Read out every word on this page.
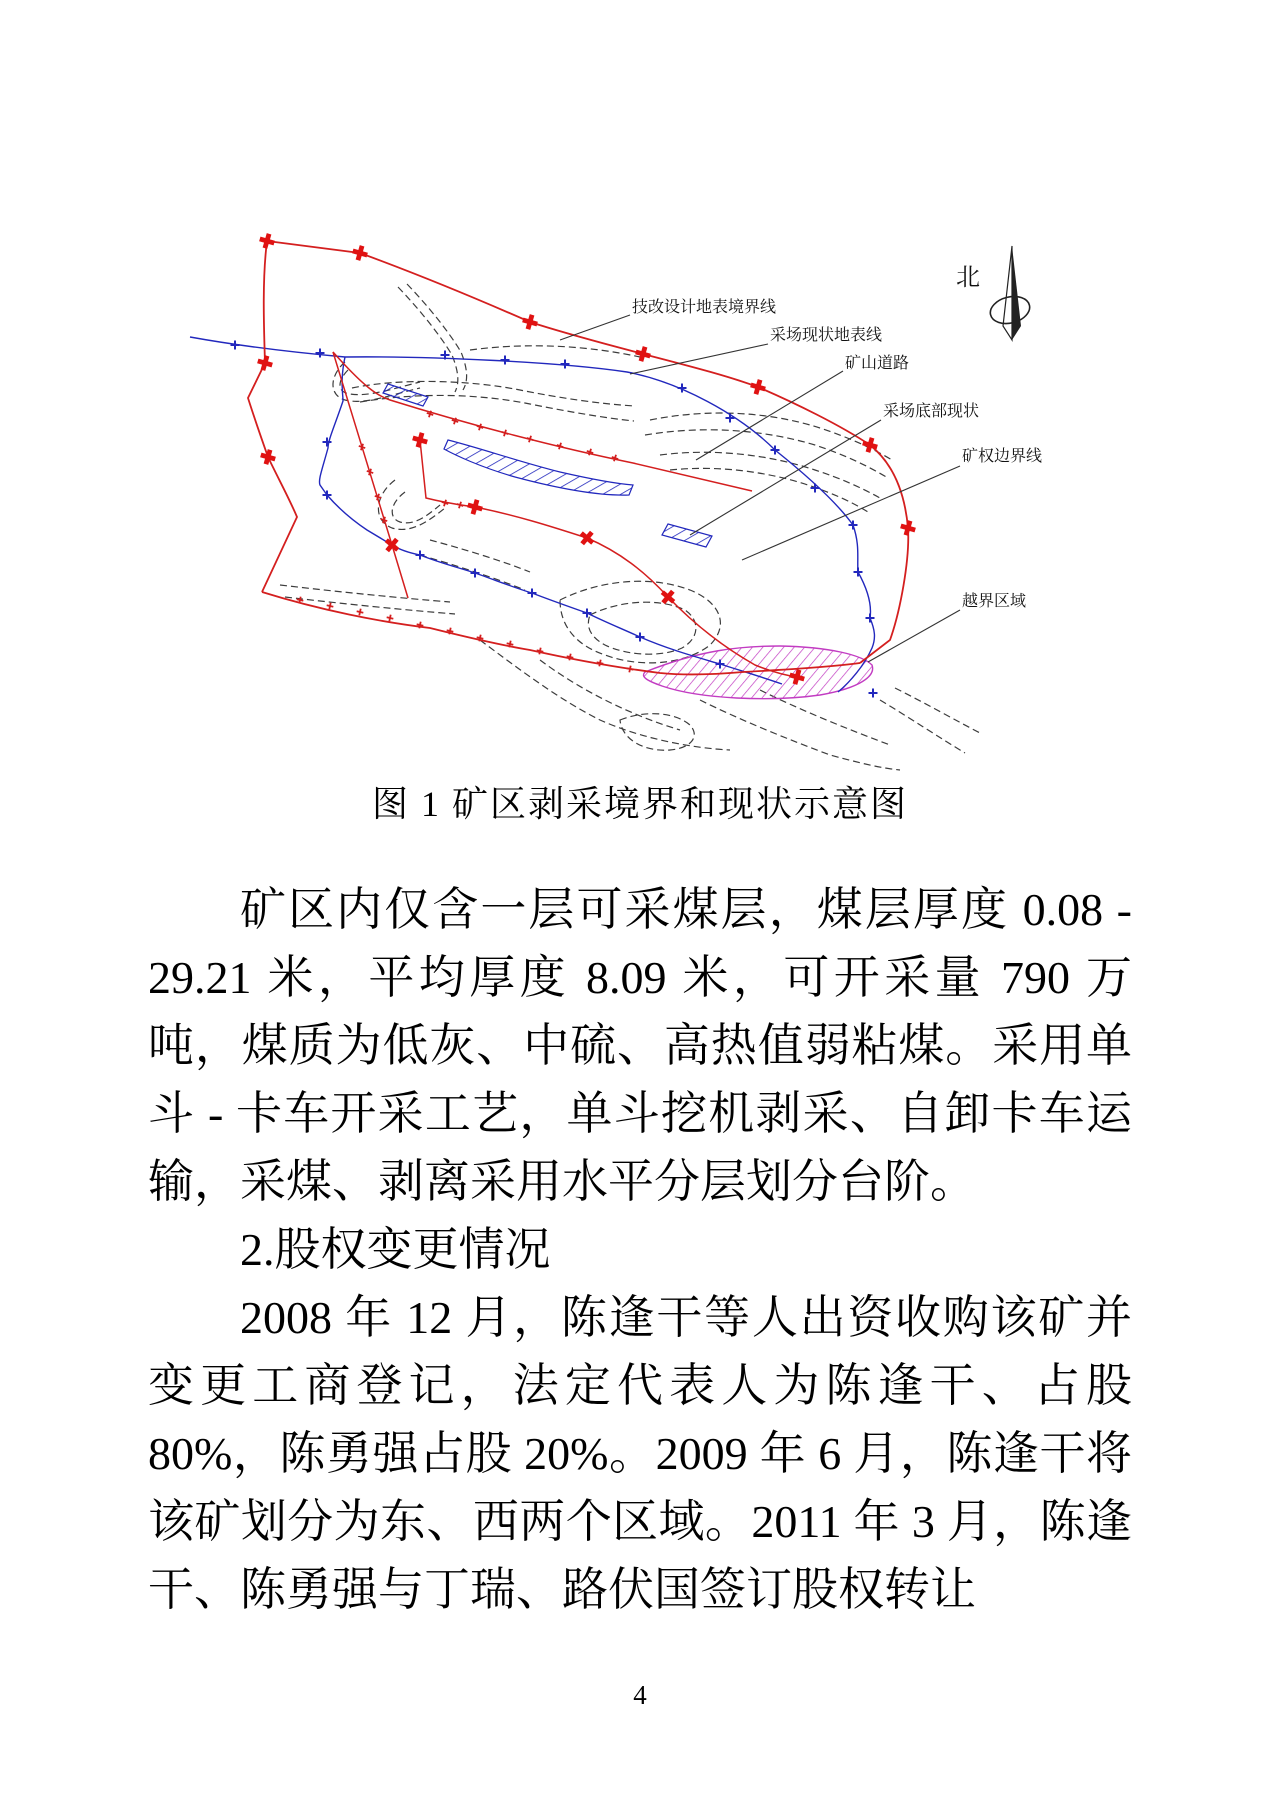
技改设计地表境界线
采场现状地表线
矿山道路
采场底部现状
矿权边界线
越界区域
北
图 1 矿区剥采境界和现状示意图

矿区内仅含一层可采煤层，煤层厚度 0.08 - 29.21 米，平均厚度 8.09 米，可开采量 790 万吨，煤质为低灰、中硫、高热值弱粘煤。采用单斗 - 卡车开采工艺，单斗挖机剥采、自卸卡车运输，采煤、剥离采用水平分层划分台阶。

2.股权变更情况

2008 年 12 月，陈逢干等人出资收购该矿并变更工商登记，法定代表人为陈逢干、占股 80%，陈勇强占股 20%。2009 年 6 月，陈逢干将该矿划分为东、西两个区域。2011 年 3 月，陈逢干、陈勇强与丁瑞、路伏国签订股权转让

4
